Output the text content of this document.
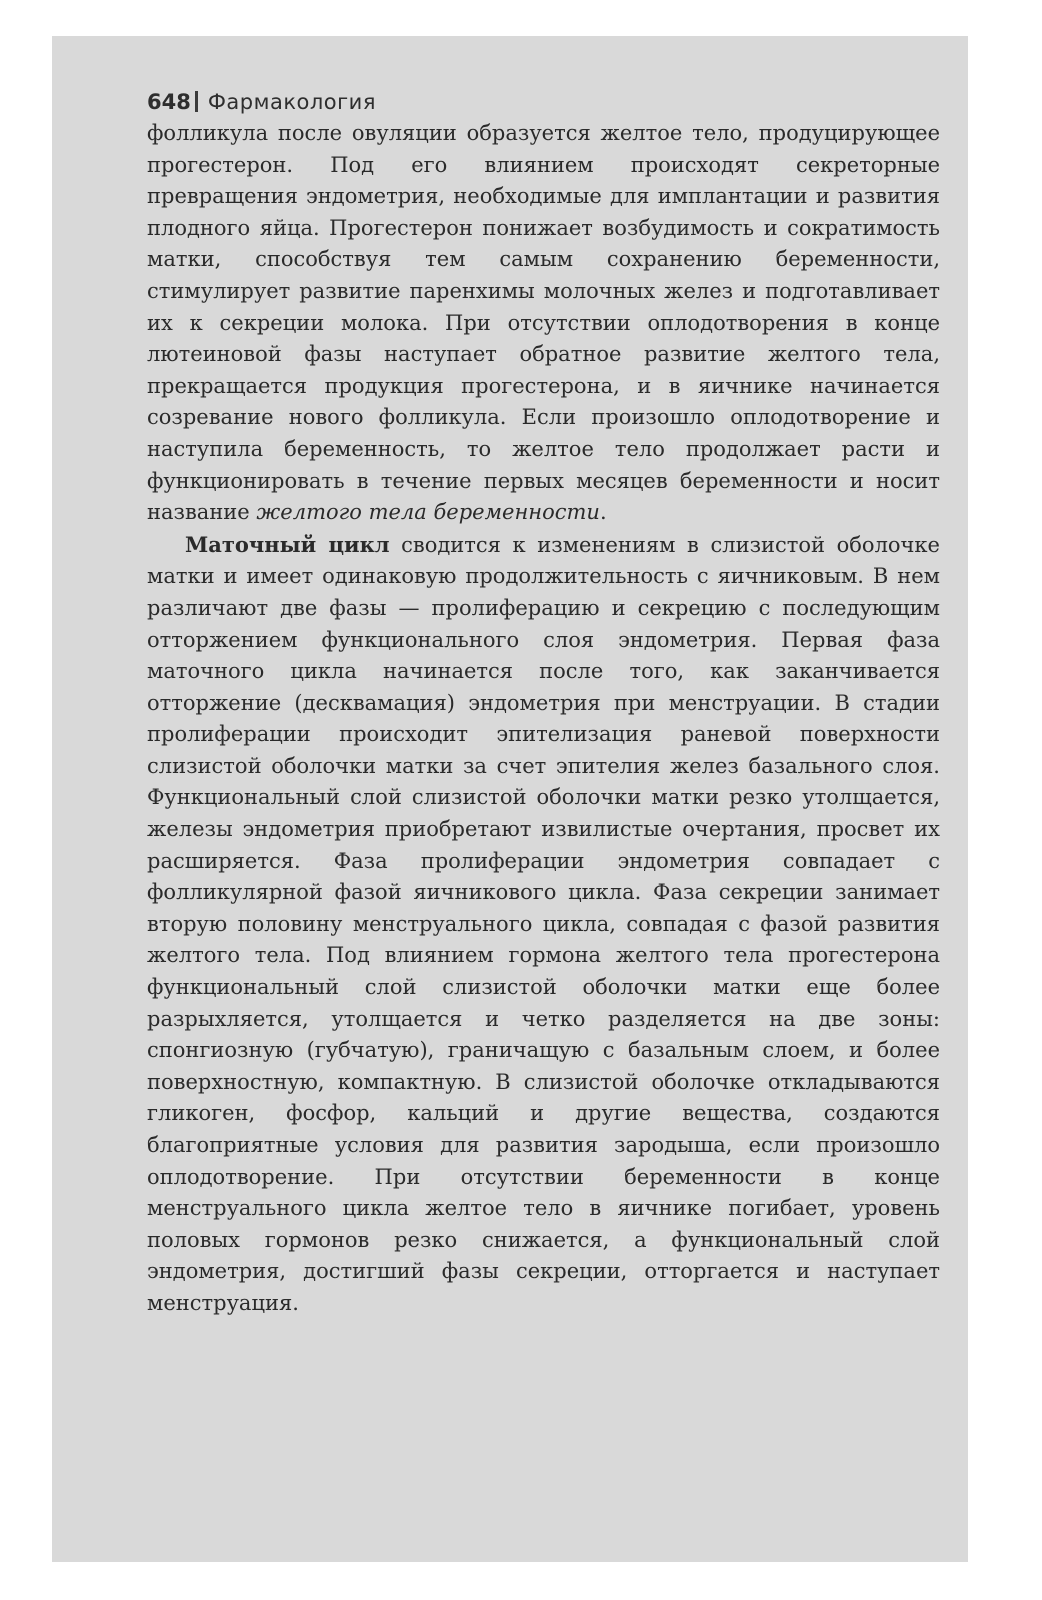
648 Фармакология

фолликула после овуляции образуется желтое тело, продуцирующее прогестерон. Под его влиянием происходят секреторные превращения эндометрия, необходимые для имплантации и развития плодного яйца. Прогестерон понижает возбудимость и сократимость матки, способствуя тем самым сохранению беременности, стимулирует развитие паренхимы молочных желез и подготавливает их к секреции молока. При отсутствии оплодотворения в конце лютеиновой фазы наступает обратное развитие желтого тела, прекращается продукция прогестерона, и в яичнике начинается созревание нового фолликула. Если произошло оплодотворение и наступила беременность, то желтое тело продолжает расти и функционировать в течение первых месяцев беременности и носит название желтого тела беременности.

Маточный цикл сводится к изменениям в слизистой оболочке матки и имеет одинаковую продолжительность с яичниковым. В нем различают две фазы — пролиферацию и секрецию с последующим отторжением функционального слоя эндометрия. Первая фаза маточного цикла начинается после того, как заканчивается отторжение (десквамация) эндометрия при менструации. В стадии пролиферации происходит эпителизация раневой поверхности слизистой оболочки матки за счет эпителия желез базального слоя. Функциональный слой слизистой оболочки матки резко утолщается, железы эндометрия приобретают извилистые очертания, просвет их расширяется. Фаза пролиферации эндометрия совпадает с фолликулярной фазой яичникового цикла. Фаза секреции занимает вторую половину менструального цикла, совпадая с фазой развития желтого тела. Под влиянием гормона желтого тела прогестерона функциональный слой слизистой оболочки матки еще более разрыхляется, утолщается и четко разделяется на две зоны: спонгиозную (губчатую), граничащую с базальным слоем, и более поверхностную, компактную. В слизистой оболочке откладываются гликоген, фосфор, кальций и другие вещества, создаются благоприятные условия для развития зародыша, если произошло оплодотворение. При отсутствии беременности в конце менструального цикла желтое тело в яичнике погибает, уровень половых гормонов резко снижается, а функциональный слой эндометрия, достигший фазы секреции, отторгается и наступает менструация.
